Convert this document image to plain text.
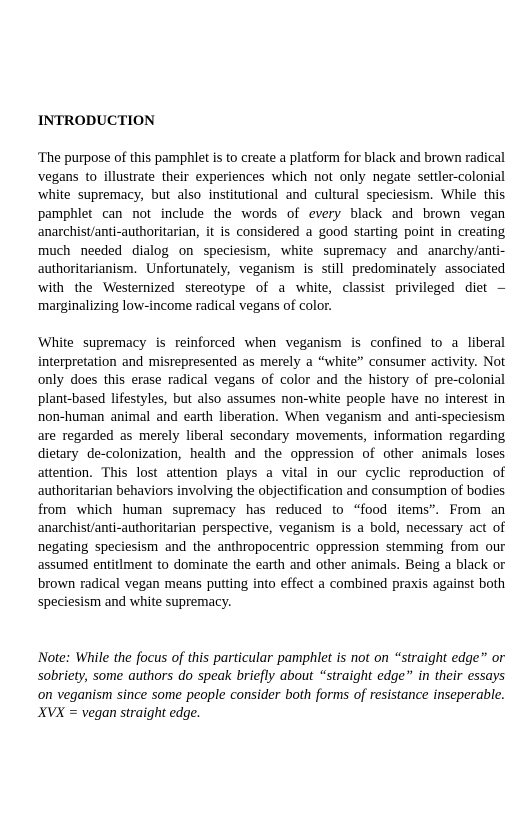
INTRODUCTION

The purpose of this pamphlet is to create a platform for black and brown radical vegans to illustrate their experiences which not only negate settler-colonial white supremacy, but also institutional and cultural speciesism. While this pamphlet can not include the words of every black and brown vegan anarchist/anti-authoritarian, it is considered a good starting point in creating much needed dialog on speciesism, white supremacy and anarchy/anti-authoritarianism. Unfortunately, veganism is still predominately associated with the Westernized stereotype of a white, classist privileged diet – marginalizing low-income radical vegans of color.

White supremacy is reinforced when veganism is confined to a liberal interpretation and misrepresented as merely a “white” consumer activity. Not only does this erase radical vegans of color and the history of pre-colonial plant-based lifestyles, but also assumes non-white people have no interest in non-human animal and earth liberation. When veganism and anti-speciesism are regarded as merely liberal secondary movements, information regarding dietary de-colonization, health and the oppression of other animals loses attention. This lost attention plays a vital in our cyclic reproduction of authoritarian behaviors involving the objectification and consumption of bodies from which human supremacy has reduced to “food items”. From an anarchist/anti-authoritarian perspective, veganism is a bold, necessary act of negating speciesism and the anthropocentric oppression stemming from our assumed entitlment to dominate the earth and other animals. Being a black or brown radical vegan means putting into effect a combined praxis against both speciesism and white supremacy.

Note: While the focus of this particular pamphlet is not on “straight edge” or sobriety, some authors do speak briefly about “straight edge” in their essays on veganism since some people consider both forms of resistance inseperable. XVX = vegan straight edge.
